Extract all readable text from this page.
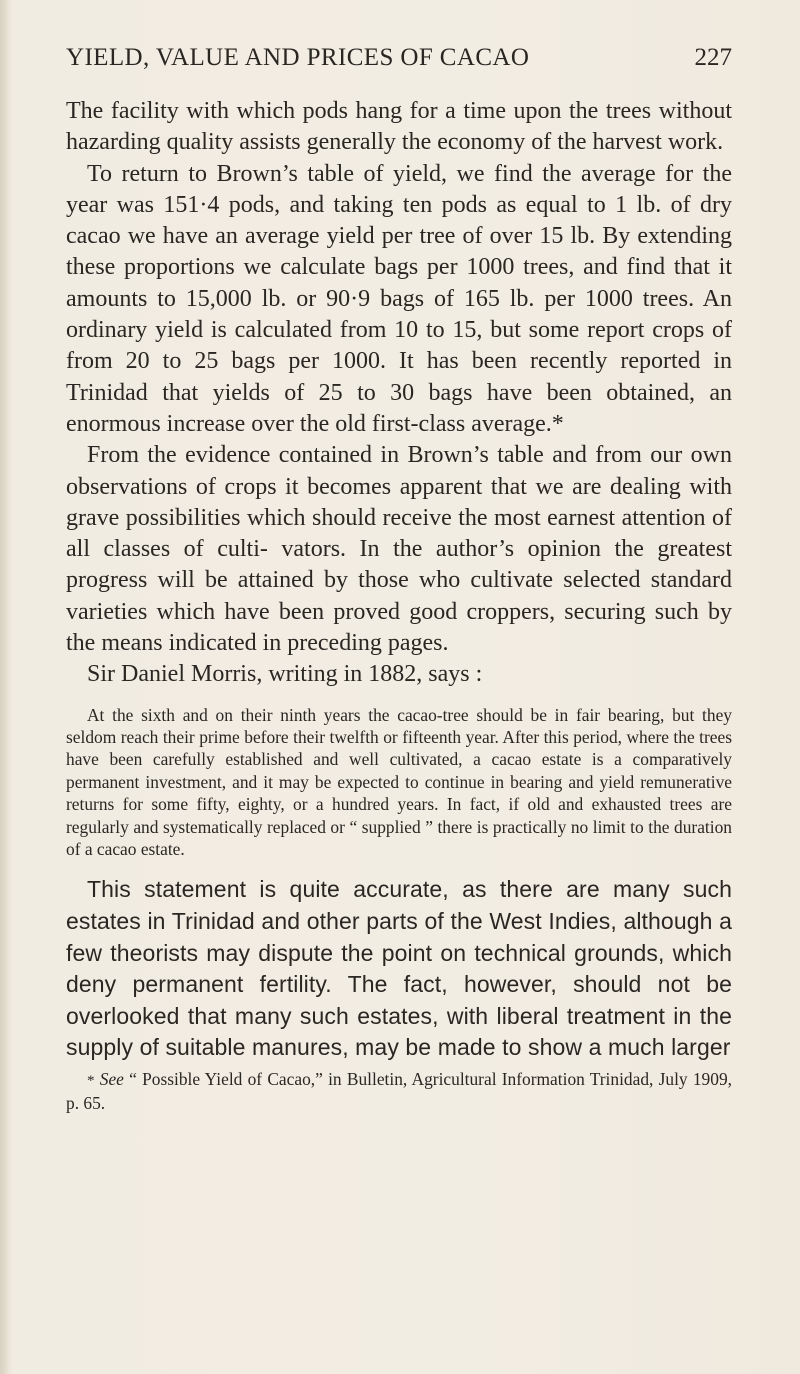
YIELD, VALUE AND PRICES OF CACAO	227

The facility with which pods hang for a time upon the trees without hazarding quality assists generally the economy of the harvest work.

To return to Brown’s table of yield, we find the average for the year was 151·4 pods, and taking ten pods as equal to 1 lb. of dry cacao we have an average yield per tree of over 15 lb. By extending these proportions we calculate bags per 1000 trees, and find that it amounts to 15,000 lb. or 90·9 bags of 165 lb. per 1000 trees. An ordinary yield is calculated from 10 to 15, but some report crops of from 20 to 25 bags per 1000. It has been recently reported in Trinidad that yields of 25 to 30 bags have been obtained, an enormous increase over the old first-class average.*

From the evidence contained in Brown’s table and from our own observations of crops it becomes apparent that we are dealing with grave possibilities which should receive the most earnest attention of all classes of culti- vators. In the author’s opinion the greatest progress will be attained by those who cultivate selected standard varieties which have been proved good croppers, securing such by the means indicated in preceding pages.

Sir Daniel Morris, writing in 1882, says :

At the sixth and on their ninth years the cacao-tree should be in fair bearing, but they seldom reach their prime before their twelfth or fifteenth year. After this period, where the trees have been carefully established and well cultivated, a cacao estate is a comparatively permanent investment, and it may be expected to continue in bearing and yield remunerative returns for some fifty, eighty, or a hundred years. In fact, if old and exhausted trees are regularly and systematically replaced or “ supplied ” there is practically no limit to the duration of a cacao estate.

This statement is quite accurate, as there are many such estates in Trinidad and other parts of the West Indies, although a few theorists may dispute the point on technical grounds, which deny permanent fertility. The fact, however, should not be overlooked that many such estates, with liberal treatment in the supply of suitable manures, may be made to show a much larger

* See “ Possible Yield of Cacao,” in Bulletin, Agricultural Information Trinidad, July 1909, p. 65.
